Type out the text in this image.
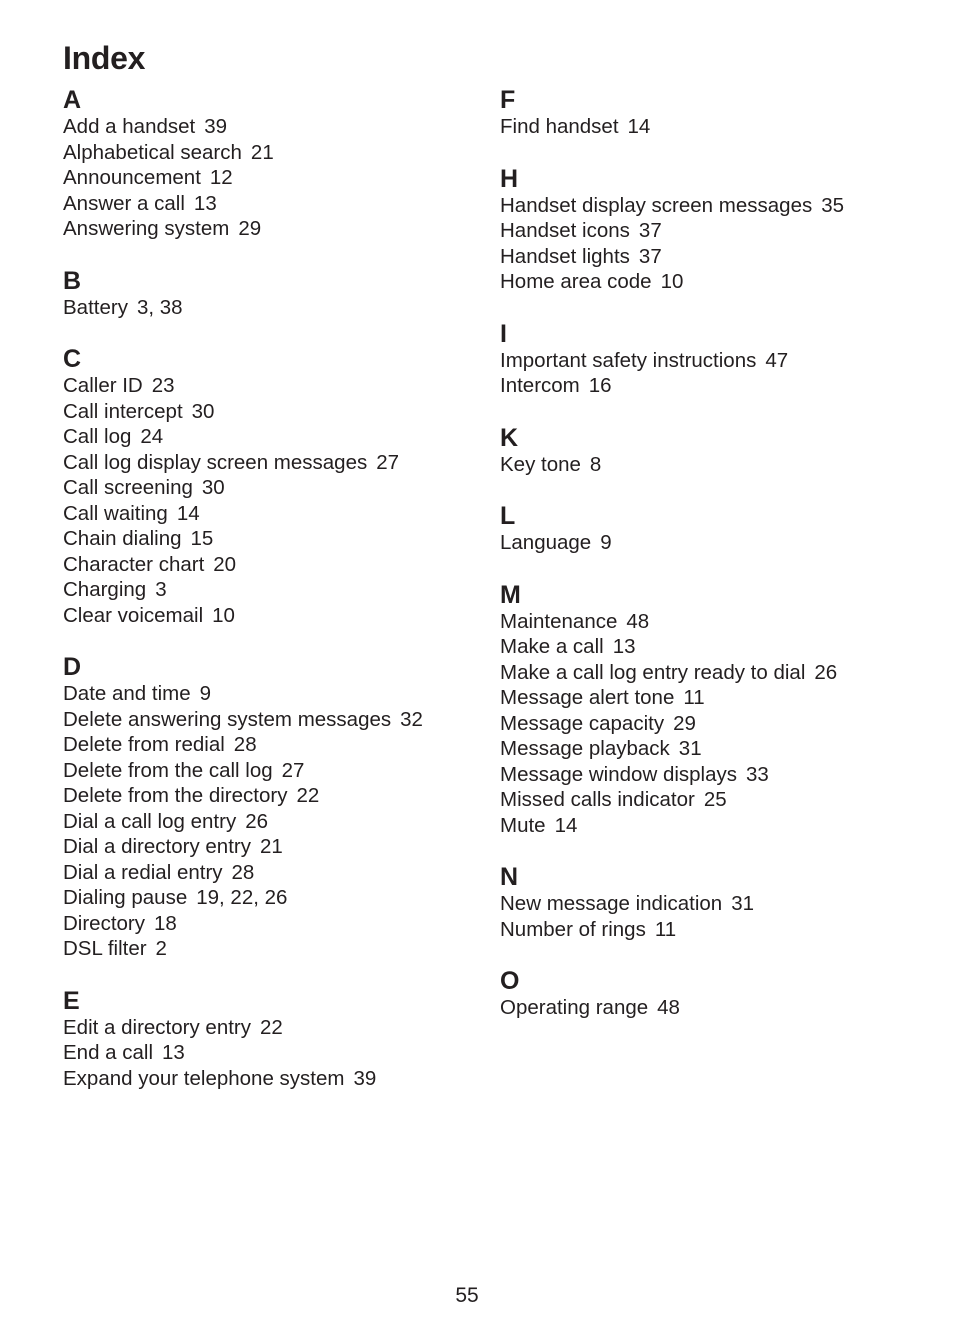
Index
A
Add a handset 39
Alphabetical search 21
Announcement 12
Answer a call 13
Answering system 29
B
Battery 3, 38
C
Caller ID 23
Call intercept 30
Call log 24
Call log display screen messages 27
Call screening 30
Call waiting 14
Chain dialing 15
Character chart 20
Charging 3
Clear voicemail 10
D
Date and time 9
Delete answering system messages 32
Delete from redial 28
Delete from the call log 27
Delete from the directory 22
Dial a call log entry 26
Dial a directory entry 21
Dial a redial entry 28
Dialing pause 19, 22, 26
Directory 18
DSL filter 2
E
Edit a directory entry 22
End a call 13
Expand your telephone system 39
F
Find handset 14
H
Handset display screen messages 35
Handset icons 37
Handset lights 37
Home area code 10
I
Important safety instructions 47
Intercom 16
K
Key tone 8
L
Language 9
M
Maintenance 48
Make a call 13
Make a call log entry ready to dial 26
Message alert tone 11
Message capacity 29
Message playback 31
Message window displays 33
Missed calls indicator 25
Mute 14
N
New message indication 31
Number of rings 11
O
Operating range 48
55
